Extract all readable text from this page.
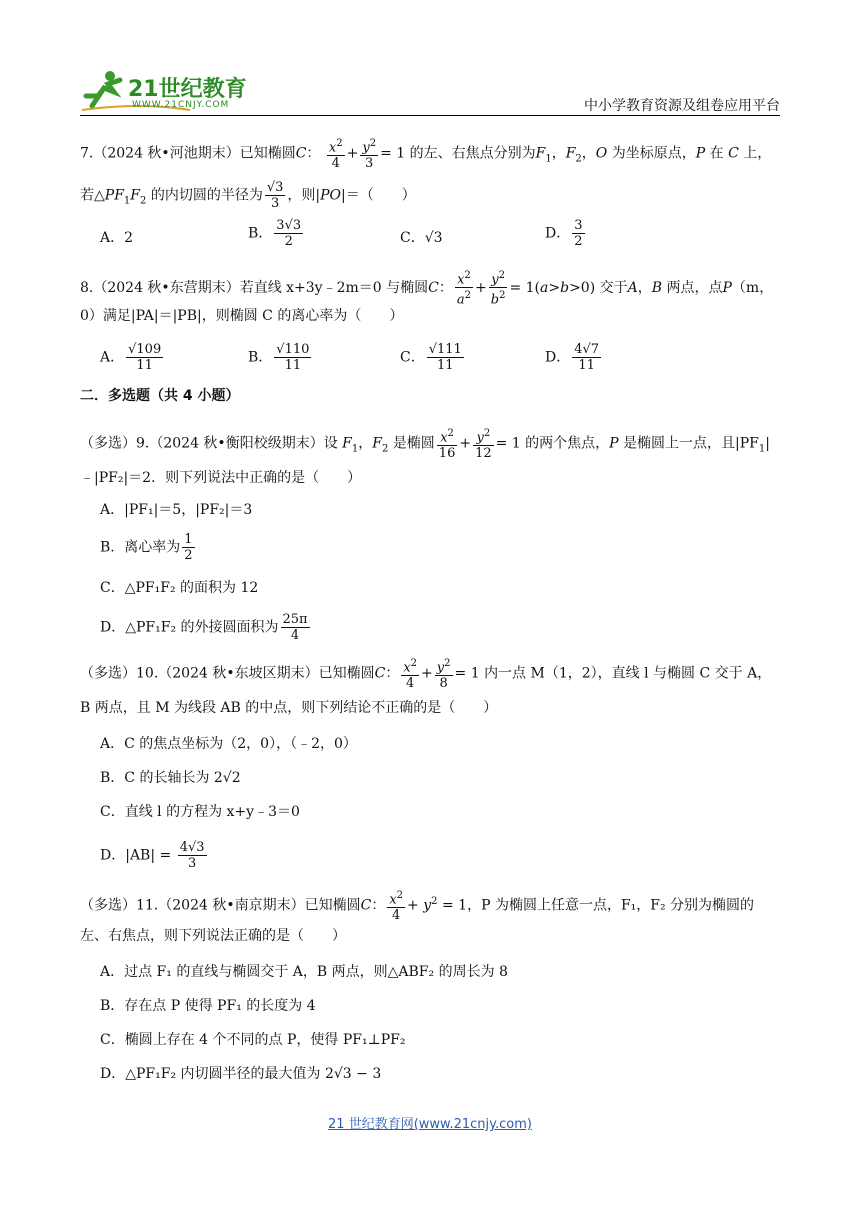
21世纪教育
WWW.21CNJY.COM	中小学教育资源及组卷应用平台
7.（2024 秋•河池期末）已知椭圆C： $\frac{x^2}{4} + \frac{y^2}{3} = 1$ 的左、右焦点分别为$F_1$，$F_2$，O 为坐标原点，P 在 C 上，
若$\triangle PF_1F_2$ 的内切圆的半径为 $\frac{√3}{3}$ ，则|PO|＝（　　）
A．2	B． $\frac{3√3}{2}$	C．√3	D． $\frac{3}{2}$
8.（2024 秋•东营期末）若直线 x+3y﹣2m＝0 与椭圆C： $\frac{x^2}{a^2} + \frac{y^2}{b^2} = 1(a>b>0)$ 交于A，B 两点，点P（m，
0）满足|PA|＝|PB|，则椭圆 C 的离心率为（　　）
A． $\frac{√109}{11}$	B． $\frac{√110}{11}$	C． $\frac{√111}{11}$	D． $\frac{4√7}{11}$
二．多选题（共 4 小题）
（多选）9.（2024 秋•衡阳校级期末）设 $F_1$，$F_2$ 是椭圆 $\frac{x^2}{16} + \frac{y^2}{12} = 1$ 的两个焦点，P 是椭圆上一点，且$|PF_1|$
﹣|PF₂|＝2．则下列说法中正确的是（　　）
A．|PF₁|＝5，|PF₂|＝3
B．离心率为 $\frac{1}{2}$
C．△PF₁F₂ 的面积为 12
D．△PF₁F₂ 的外接圆面积为 $\frac{25\pi}{4}$
（多选）10.（2024 秋•东坡区期末）已知椭圆C： $\frac{x^2}{4} + \frac{y^2}{8} = 1$ 内一点 M（1，2），直线 l 与椭圆 C 交于 A，
B 两点，且 M 为线段 AB 的中点，则下列结论不正确的是（　　）
A．C 的焦点坐标为（2，0），（﹣2，0）
B．C 的长轴长为 2√2
C．直线 l 的方程为 x+y﹣3＝0
D．$|AB| = \frac{4√3}{3}$
（多选）11.（2024 秋•南京期末）已知椭圆C： $\frac{x^2}{4} + y^2 = 1$，P 为椭圆上任意一点，F₁，F₂ 分别为椭圆的
左、右焦点，则下列说法正确的是（　　）
A．过点 F₁ 的直线与椭圆交于 A，B 两点，则△ABF₂ 的周长为 8
B．存在点 P 使得 PF₁ 的长度为 4
C．椭圆上存在 4 个不同的点 P，使得 PF₁⊥PF₂
D．△PF₁F₂ 内切圆半径的最大值为 2√3 − 3
21 世纪教育网(www.21cnjy.com)
